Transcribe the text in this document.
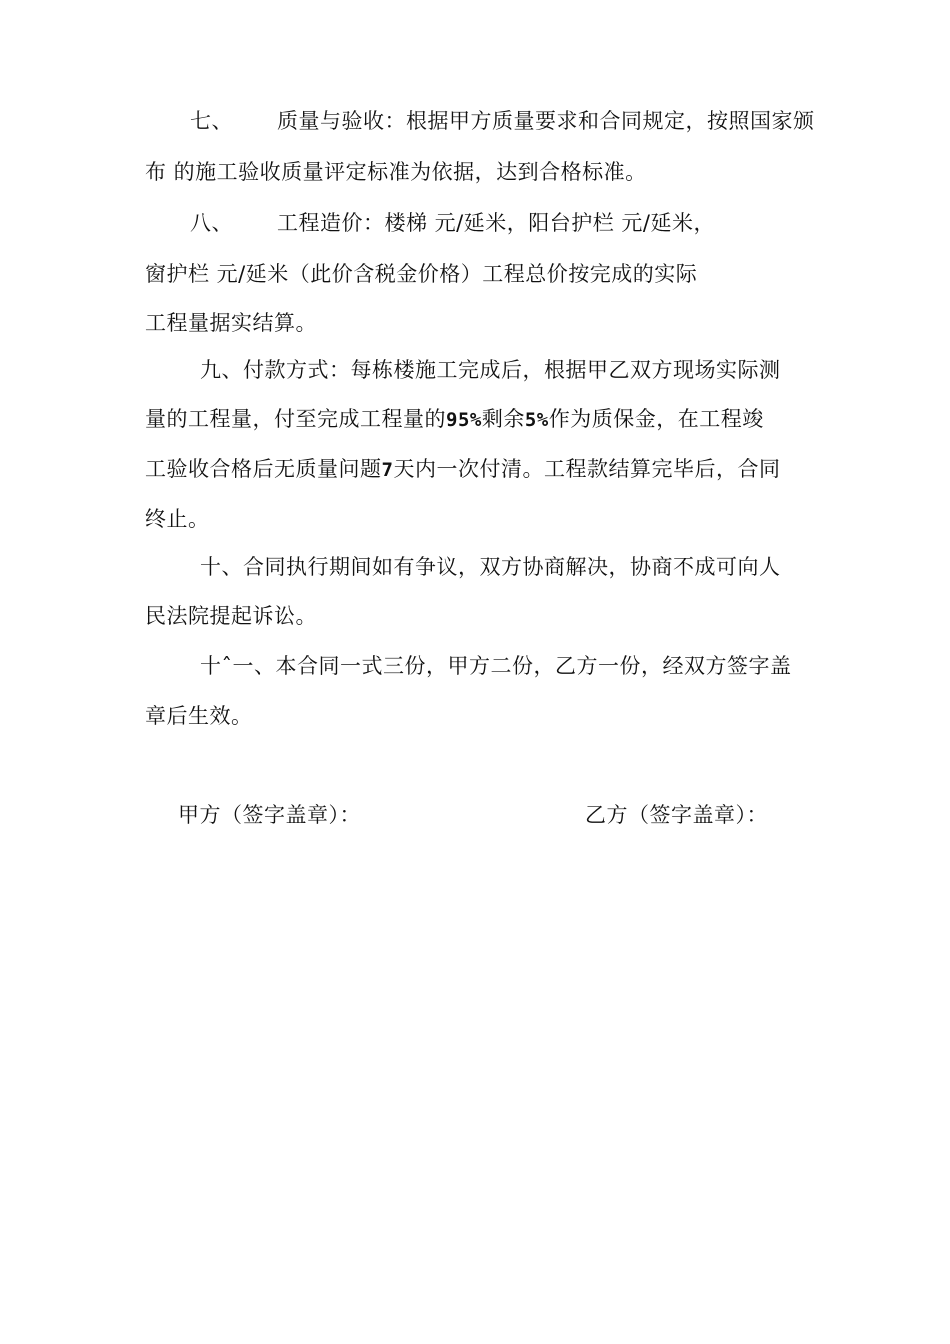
七、 质量与验收：根据甲方质量要求和合同规定，按照国家颁
布 的施工验收质量评定标准为依据，达到合格标准。
八、 工程造价：楼梯 元/延米，阳台护栏 元/延米，
窗护栏 元/延米（此价含税金价格）工程总价按完成的实际
工程量据实结算。
九、付款方式：每栋楼施工完成后，根据甲乙双方现场实际测
量的工程量，付至完成工程量的95%剩余5%作为质保金，在工程竣
工验收合格后无质量问题7天内一次付清。工程款结算完毕后，合同
终止。
十、合同执行期间如有争议，双方协商解决，协商不成可向人
民法院提起诉讼。
十ˆ一、本合同一式三份，甲方二份，乙方一份，经双方签字盖
章后生效。
甲方（签字盖章）：	乙方（签字盖章）：
